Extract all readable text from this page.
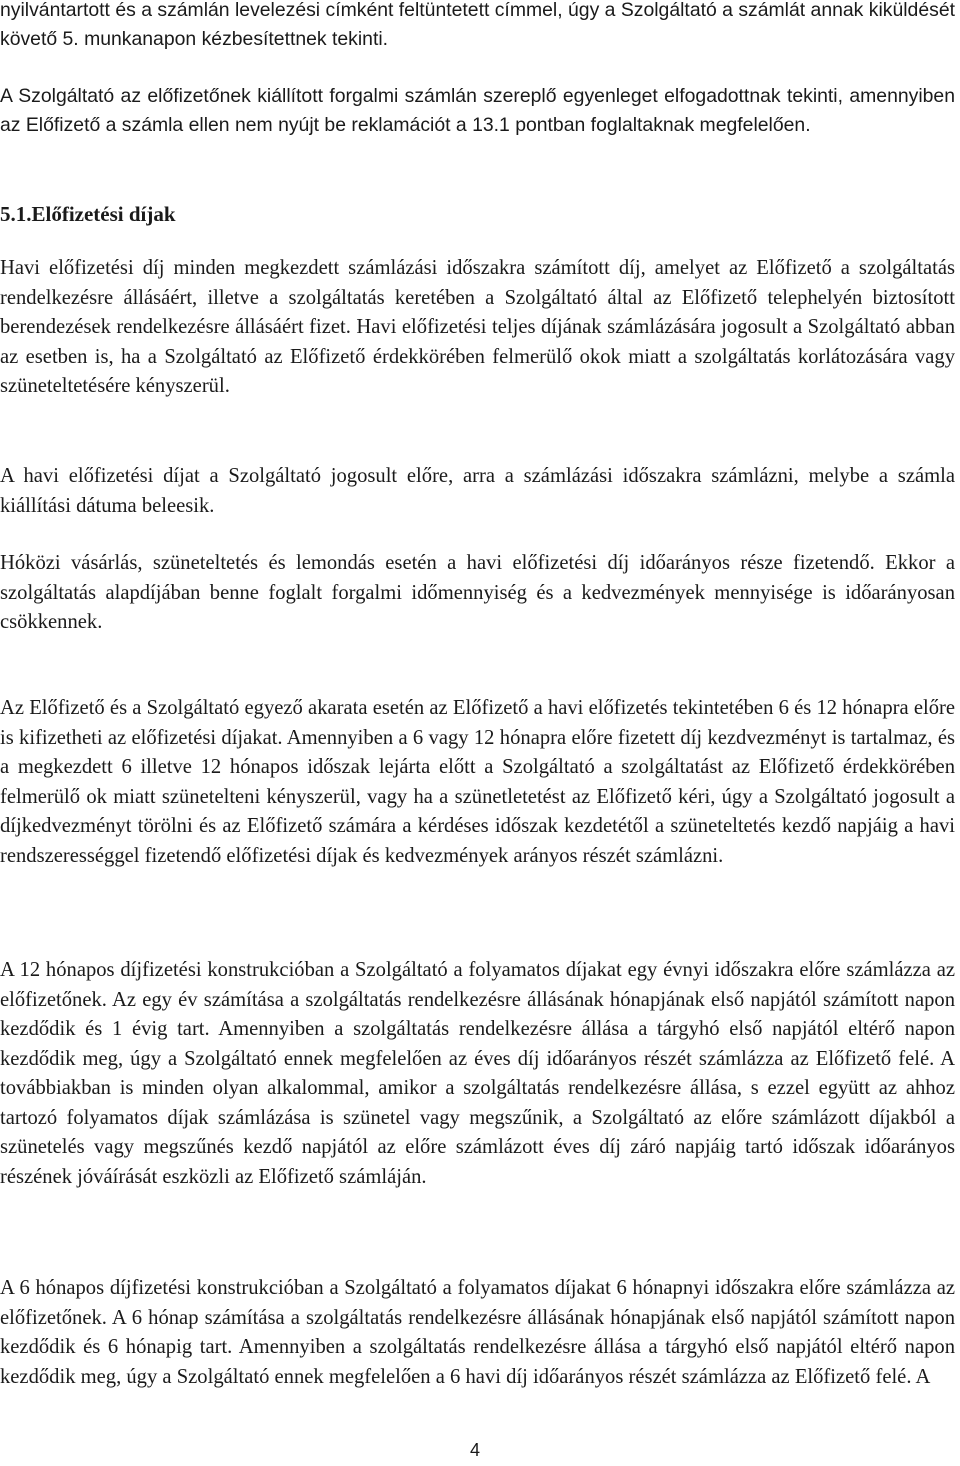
nyilvántartott és a számlán levelezési címként feltüntetett címmel, úgy a Szolgáltató a számlát annak kiküldését követő 5. munkanapon kézbesítettnek tekinti.

A Szolgáltató az előfizetőnek kiállított forgalmi számlán szereplő egyenleget elfogadottnak tekinti, amennyiben az Előfizető a számla ellen nem nyújt be reklamációt a 13.1 pontban foglaltaknak megfelelően.

5.1.Előfizetési díjak

Havi előfizetési díj minden megkezdett számlázási időszakra számított díj, amelyet az Előfizető a szolgáltatás rendelkezésre állásáért, illetve a szolgáltatás keretében a Szolgáltató által az Előfizető telephelyén biztosított berendezések rendelkezésre állásáért fizet. Havi előfizetési teljes díjának számlázására jogosult a Szolgáltató abban az esetben is, ha a Szolgáltató az Előfizető érdekkörében felmerülő okok miatt a szolgáltatás korlátozására vagy szüneteltetésére kényszerül.

A havi előfizetési díjat a Szolgáltató jogosult előre, arra a számlázási időszakra számlázni, melybe a számla kiállítási dátuma beleesik.

Hóközi vásárlás, szüneteltetés és lemondás esetén a havi előfizetési díj időarányos része fizetendő. Ekkor a szolgáltatás alapdíjában benne foglalt forgalmi időmennyiség és a kedvezmények mennyisége is időarányosan csökkennek.

Az Előfizető és a Szolgáltató egyező akarata esetén az Előfizető a havi előfizetés tekintetében 6 és 12 hónapra előre is kifizetheti az előfizetési díjakat. Amennyiben a 6 vagy 12 hónapra előre fizetett díj kezdvezményt is tartalmaz, és a megkezdett 6 illetve 12 hónapos időszak lejárta előtt a Szolgáltató a szolgáltatást az Előfizető érdekkörében felmerülő ok miatt szünetelteni kényszerül, vagy ha a szünetletetést az Előfizető kéri, úgy a Szolgáltató jogosult a díjkedvezményt törölni és az Előfizető számára a kérdéses időszak kezdetétől a szüneteltetés kezdő napjáig a havi rendszerességgel fizetendő előfizetési díjak és kedvezmények arányos részét számlázni.

A 12 hónapos díjfizetési konstrukcióban a Szolgáltató a folyamatos díjakat egy évnyi időszakra előre számlázza az előfizetőnek. Az egy év számítása a szolgáltatás rendelkezésre állásának hónapjának első napjától számított napon kezdődik és 1 évig tart. Amennyiben a szolgáltatás rendelkezésre állása a tárgyhó első napjától eltérő napon kezdődik meg, úgy a Szolgáltató ennek megfelelően az éves díj időarányos részét számlázza az Előfizető felé. A továbbiakban is minden olyan alkalommal, amikor a szolgáltatás rendelkezésre állása, s ezzel együtt az ahhoz tartozó folyamatos díjak számlázása is szünetel vagy megszűnik, a Szolgáltató az előre számlázott díjakból a szünetelés vagy megszűnés kezdő napjától az előre számlázott éves díj záró napjáig tartó időszak időarányos részének jóváírását eszközli az Előfizető számláján.

A 6 hónapos díjfizetési konstrukcióban a Szolgáltató a folyamatos díjakat 6 hónapnyi időszakra előre számlázza az előfizetőnek. A 6 hónap számítása a szolgáltatás rendelkezésre állásának hónapjának első napjától számított napon kezdődik és 6 hónapig tart. Amennyiben a szolgáltatás rendelkezésre állása a tárgyhó első napjától eltérő napon kezdődik meg, úgy a Szolgáltató ennek megfelelően a 6 havi díj időarányos részét számlázza az Előfizető felé. A

4
